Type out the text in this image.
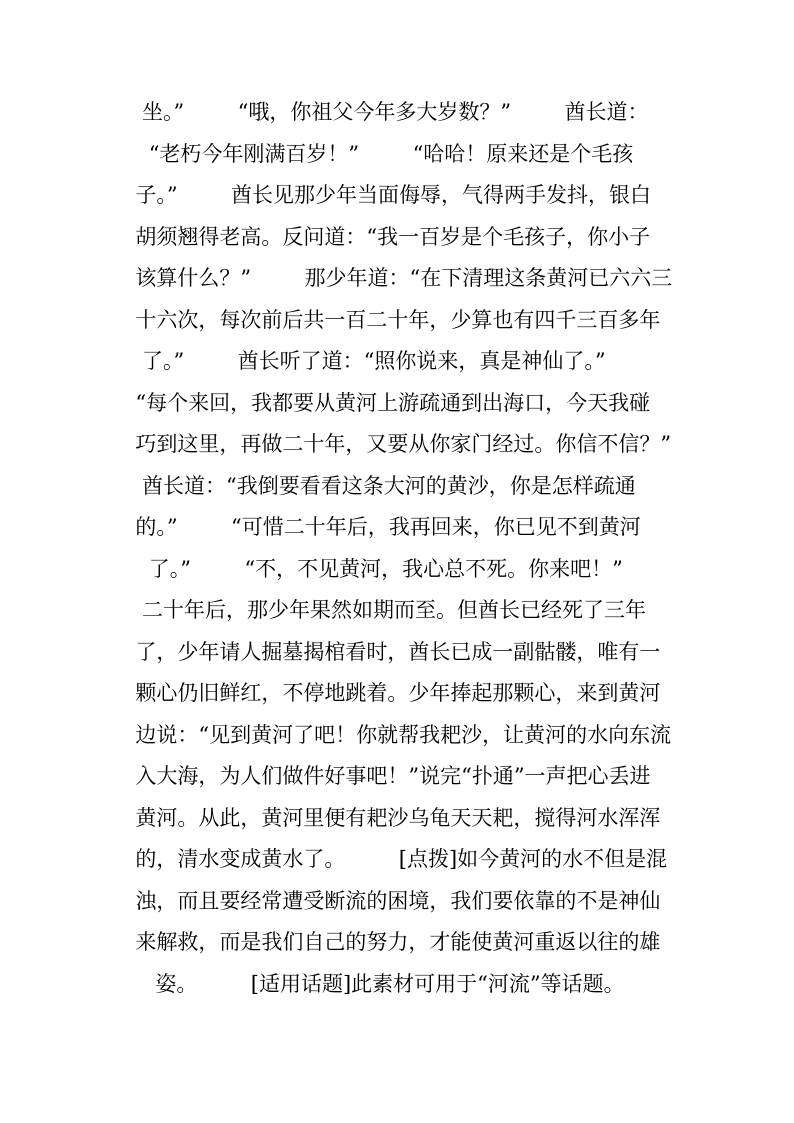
坐。”        “哦，你祖父今年多大岁数？”        酋长道：
“老朽今年刚满百岁！”        “哈哈！原来还是个毛孩
子。”        酋长见那少年当面侮辱，气得两手发抖，银白
胡须翘得老高。反问道：“我一百岁是个毛孩子，你小子
该算什么？”        那少年道：“在下清理这条黄河已六六三
十六次，每次前后共一百二十年，少算也有四千三百多年
了。”        酋长听了道：“照你说来，真是神仙了。”
“每个来回，我都要从黄河上游疏通到出海口，今天我碰
巧到这里，再做二十年，又要从你家门经过。你信不信？”
酋长道：“我倒要看看这条大河的黄沙，你是怎样疏通
的。”        “可惜二十年后，我再回来，你已见不到黄河
了。”        “不，不见黄河，我心总不死。你来吧！”
二十年后，那少年果然如期而至。但酋长已经死了三年
了，少年请人掘墓揭棺看时，酋长已成一副骷髅，唯有一
颗心仍旧鲜红，不停地跳着。少年捧起那颗心，来到黄河
边说：“见到黄河了吧！你就帮我耙沙，让黄河的水向东流
入大海，为人们做件好事吧！”说完“扑通”一声把心丢进
黄河。从此，黄河里便有耙沙乌龟天天耙，搅得河水浑浑
的，清水变成黄水了。        [点拨]如今黄河的水不但是混
浊，而且要经常遭受断流的困境，我们要依靠的不是神仙
来解救，而是我们自己的努力，才能使黄河重返以往的雄
姿。        [适用话题]此素材可用于“河流”等话题。
